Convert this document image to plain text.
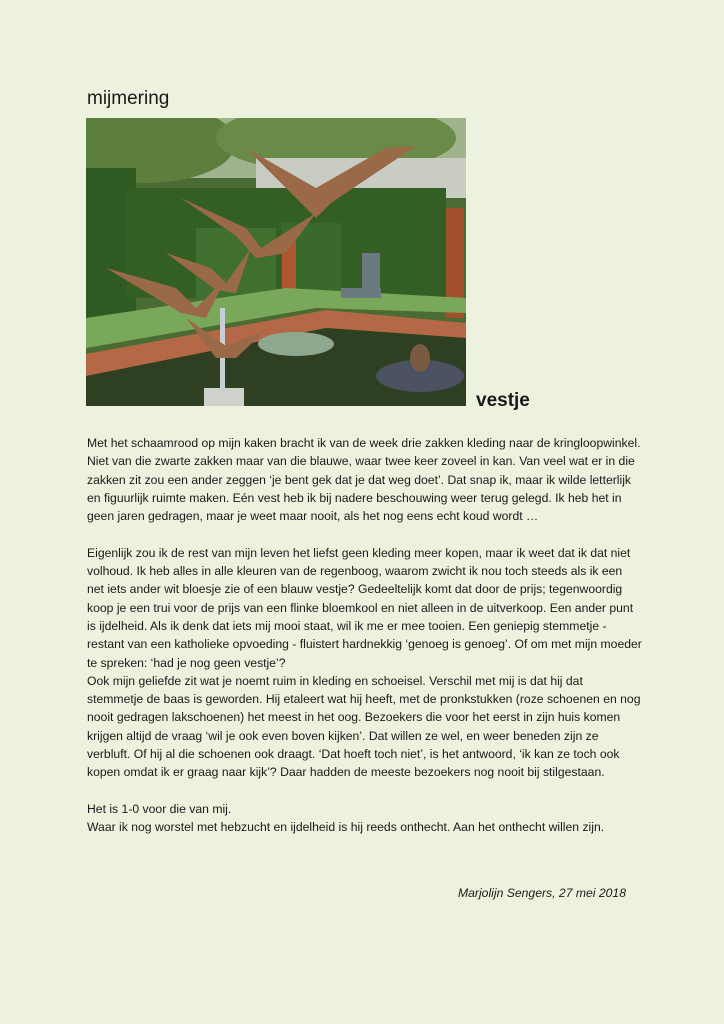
mijmering
vestje

Met het schaamrood op mijn kaken bracht ik van de week drie zakken kleding naar de kringloopwinkel. Niet van die zwarte zakken maar van die blauwe, waar twee keer zoveel in kan. Van veel wat er in die zakken zit zou een ander zeggen ‘je bent gek dat je dat weg doet’. Dat snap ik, maar ik wilde letterlijk en figuurlijk ruimte maken. Eén vest heb ik bij nadere beschouwing weer terug gelegd. Ik heb het in geen jaren gedragen, maar je weet maar nooit, als het nog eens echt koud wordt …

Eigenlijk zou ik de rest van mijn leven het liefst geen kleding meer kopen, maar ik weet dat ik dat niet volhoud. Ik heb alles in alle kleuren van de regenboog, waarom zwicht ik nou toch steeds als ik een net iets ander wit bloesje zie of een blauw vestje? Gedeeltelijk komt dat door de prijs; tegenwoordig koop je een trui voor de prijs van een flinke bloemkool en niet alleen in de uitverkoop. Een ander punt is ijdelheid. Als ik denk dat iets mij mooi staat, wil ik me er mee tooien. Een geniepig stemmetje - restant van een katholieke opvoeding - fluistert hardnekkig ‘genoeg is genoeg’. Of om met mijn moeder te spreken: ‘had je nog geen vestje’?

Ook mijn geliefde zit wat je noemt ruim in kleding en schoeisel. Verschil met mij is dat hij dat stemmetje de baas is geworden. Hij etaleert wat hij heeft, met de pronkstukken (roze schoenen en nog nooit gedragen lakschoenen) het meest in het oog. Bezoekers die voor het eerst in zijn huis komen krijgen altijd de vraag ‘wil je ook even boven kijken’. Dat willen ze wel, en weer beneden zijn ze verbluft. Of hij al die schoenen ook draagt. ‘Dat hoeft toch niet’, is het antwoord, ‘ik kan ze toch ook kopen omdat ik er graag naar kijk’? Daar hadden de meeste bezoekers nog nooit bij stilgestaan.

Het is 1-0 voor die van mij.

Waar ik nog worstel met hebzucht en ijdelheid is hij reeds onthecht. Aan het onthecht willen zijn.

Marjolijn Sengers, 27 mei 2018
